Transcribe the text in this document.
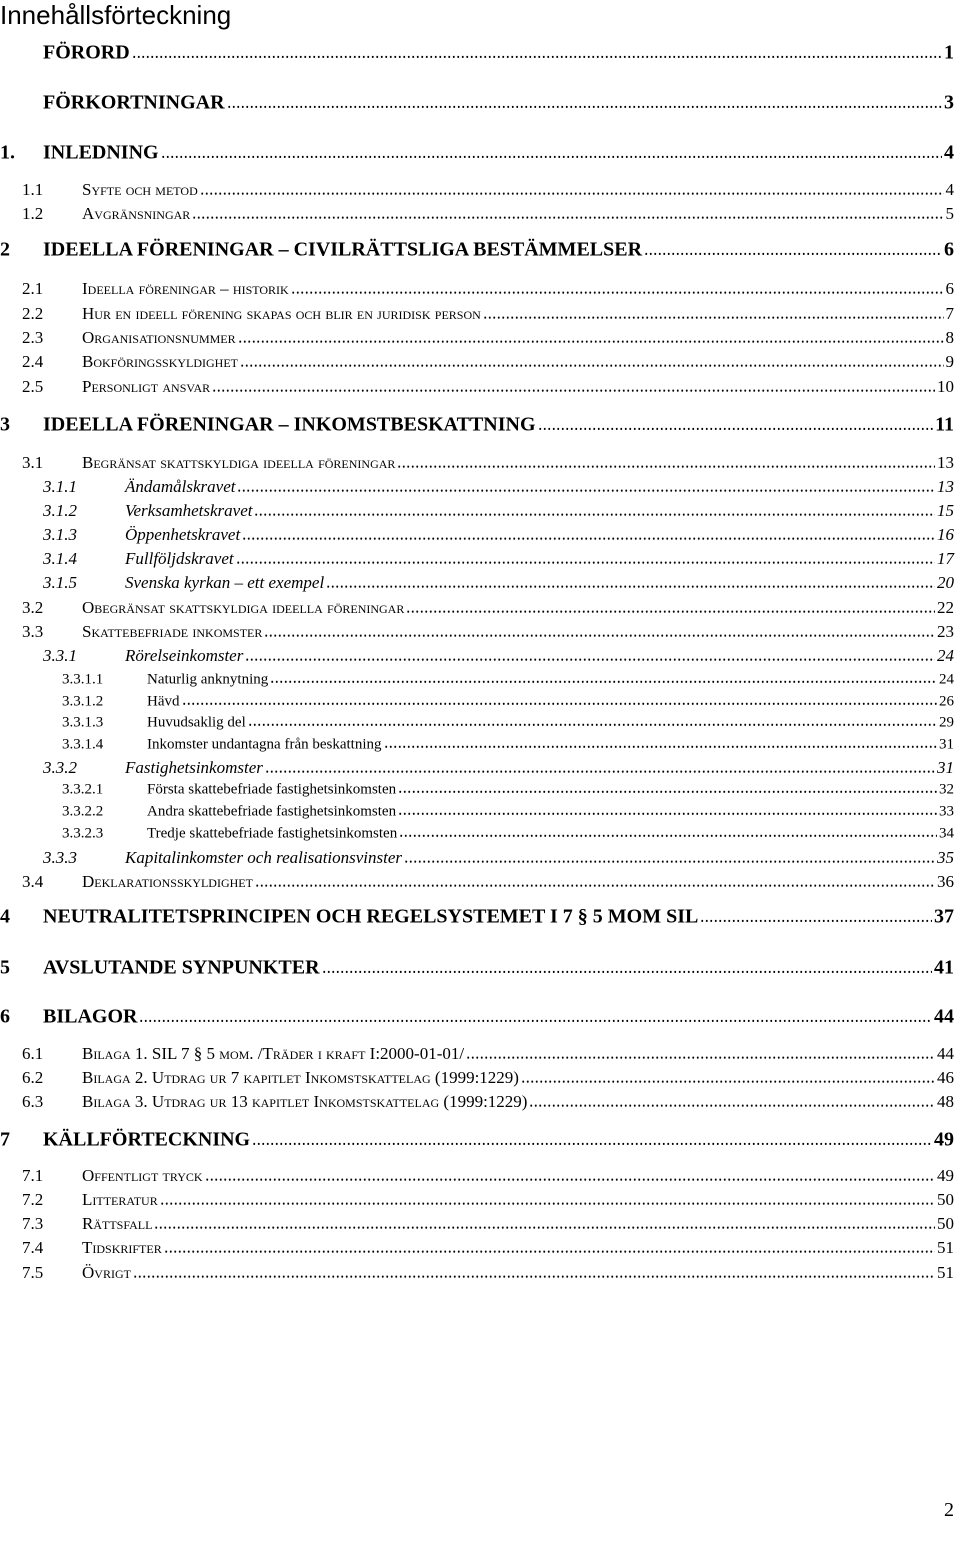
Innehållsförteckning
FÖRORD	1
FÖRKORTNINGAR	3
1.	INLEDNING	4
1.1	Syfte och metod	4
1.2	Avgränsningar	5
2	IDEELLA FÖRENINGAR – CIVILRÄTTSLIGA BESTÄMMELSER	6
2.1	Ideella föreningar – historik	6
2.2	Hur en ideell förening skapas och blir en juridisk person	7
2.3	Organisationsnummer	8
2.4	Bokföringsskyldighet	9
2.5	Personligt ansvar	10
3	IDEELLA FÖRENINGAR – INKOMSTBESKATTNING	11
3.1	Begränsat skattskyldiga ideella föreningar	13
3.1.1	Ändamålskravet	13
3.1.2	Verksamhetskravet	15
3.1.3	Öppenhetskravet	16
3.1.4	Fullföljdskravet	17
3.1.5	Svenska kyrkan – ett exempel	20
3.2	Obegränsat skattskyldiga ideella föreningar	22
3.3	Skattebefriade inkomster	23
3.3.1	Rörelseinkomster	24
3.3.1.1	Naturlig anknytning	24
3.3.1.2	Hävd	26
3.3.1.3	Huvudsaklig del	29
3.3.1.4	Inkomster undantagna från beskattning	31
3.3.2	Fastighetsinkomster	31
3.3.2.1	Första skattebefriade fastighetsinkomsten	32
3.3.2.2	Andra skattebefriade fastighetsinkomsten	33
3.3.2.3	Tredje skattebefriade fastighetsinkomsten	34
3.3.3	Kapitalinkomster och realisationsvinster	35
3.4	Deklarationsskyldighet	36
4	NEUTRALITETSPRINCIPEN OCH REGELSYSTEMET I 7 § 5 MOM SIL	37
5	AVSLUTANDE SYNPUNKTER	41
6	BILAGOR	44
6.1	Bilaga 1. SIL 7 § 5 mom. /Träder i kraft I:2000-01-01/	44
6.2	Bilaga 2. Utdrag ur 7 kapitlet Inkomstskattelag (1999:1229)	46
6.3	Bilaga 3. Utdrag ur 13 kapitlet Inkomstskattelag (1999:1229)	48
7	KÄLLFÖRTECKNING	49
7.1	Offentligt tryck	49
7.2	Litteratur	50
7.3	Rättsfall	50
7.4	Tidskrifter	51
7.5	Övrigt	51
2
